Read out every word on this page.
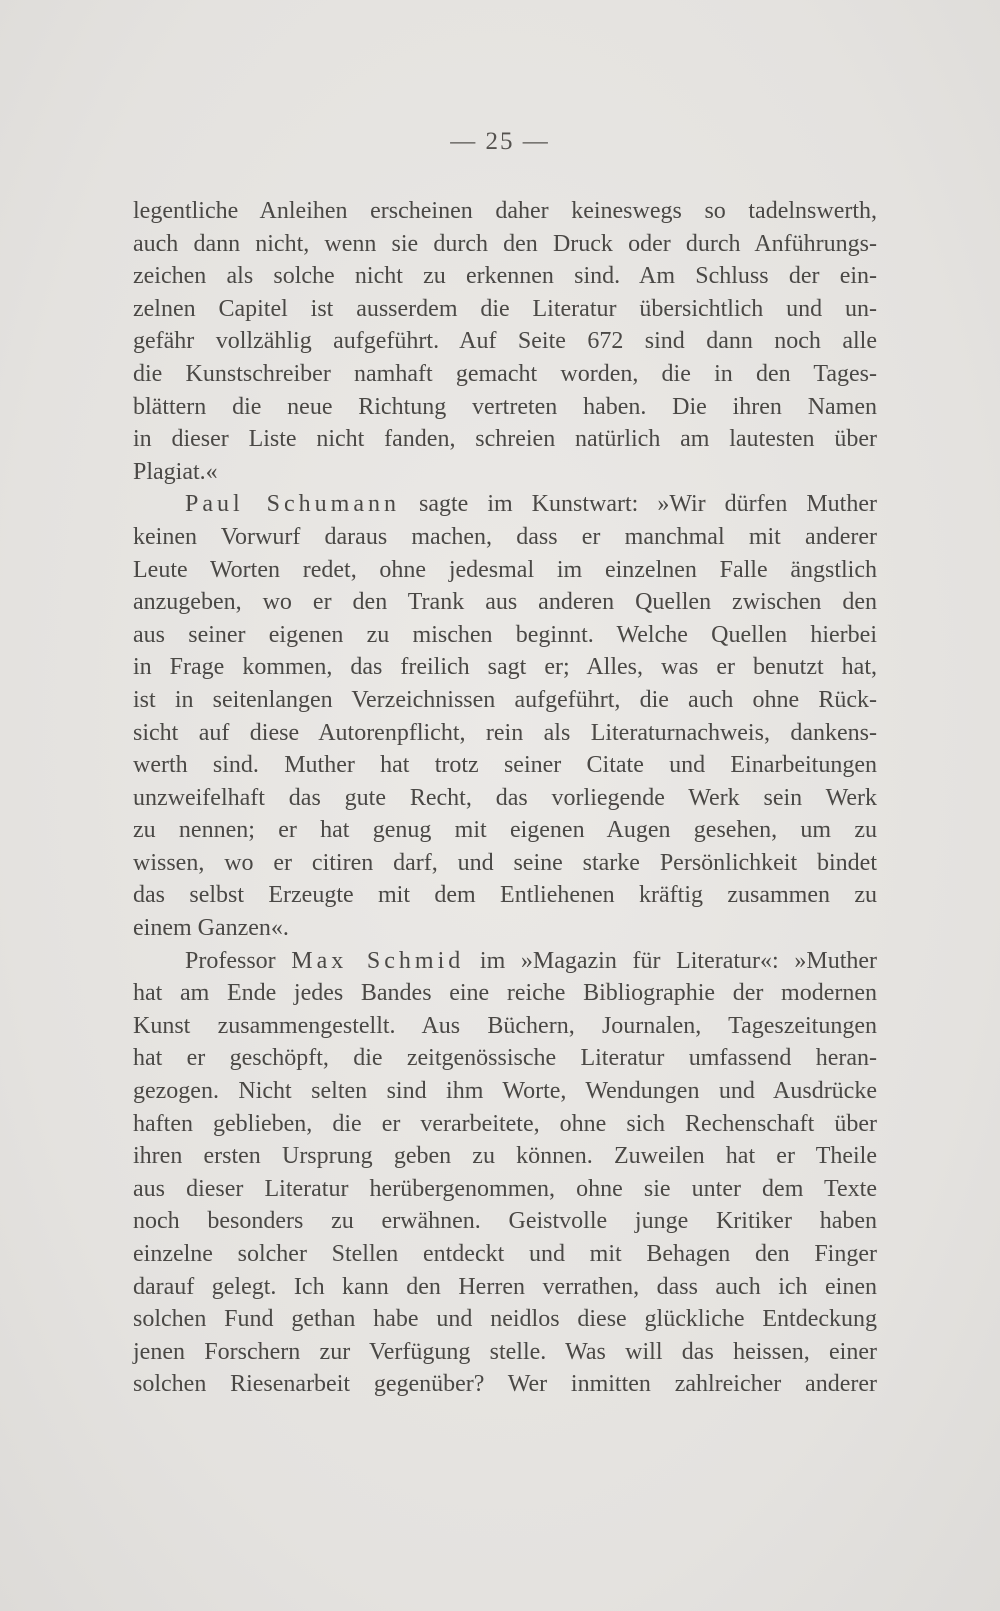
— 25 —
legentliche Anleihen erscheinen daher keineswegs so tadelnswerth,
auch dann nicht, wenn sie durch den Druck oder durch Anführungs-
zeichen als solche nicht zu erkennen sind. Am Schluss der ein-
zelnen Capitel ist ausserdem die Literatur übersichtlich und un-
gefähr vollzählig aufgeführt. Auf Seite 672 sind dann noch alle
die Kunstschreiber namhaft gemacht worden, die in den Tages-
blättern die neue Richtung vertreten haben. Die ihren Namen
in dieser Liste nicht fanden, schreien natürlich am lautesten über
Plagiat.«
Paul Schumann sagte im Kunstwart: »Wir dürfen Muther
keinen Vorwurf daraus machen, dass er manchmal mit anderer
Leute Worten redet, ohne jedesmal im einzelnen Falle ängstlich
anzugeben, wo er den Trank aus anderen Quellen zwischen den
aus seiner eigenen zu mischen beginnt. Welche Quellen hierbei
in Frage kommen, das freilich sagt er; Alles, was er benutzt hat,
ist in seitenlangen Verzeichnissen aufgeführt, die auch ohne Rück-
sicht auf diese Autorenpflicht, rein als Literaturnachweis, dankens-
werth sind. Muther hat trotz seiner Citate und Einarbeitungen
unzweifelhaft das gute Recht, das vorliegende Werk sein Werk
zu nennen; er hat genug mit eigenen Augen gesehen, um zu
wissen, wo er citiren darf, und seine starke Persönlichkeit bindet
das selbst Erzeugte mit dem Entliehenen kräftig zusammen zu
einem Ganzen«.
Professor Max Schmid im »Magazin für Literatur«: »Muther
hat am Ende jedes Bandes eine reiche Bibliographie der modernen
Kunst zusammengestellt. Aus Büchern, Journalen, Tageszeitungen
hat er geschöpft, die zeitgenössische Literatur umfassend heran-
gezogen. Nicht selten sind ihm Worte, Wendungen und Ausdrücke
haften geblieben, die er verarbeitete, ohne sich Rechenschaft über
ihren ersten Ursprung geben zu können. Zuweilen hat er Theile
aus dieser Literatur herübergenommen, ohne sie unter dem Texte
noch besonders zu erwähnen. Geistvolle junge Kritiker haben
einzelne solcher Stellen entdeckt und mit Behagen den Finger
darauf gelegt. Ich kann den Herren verrathen, dass auch ich einen
solchen Fund gethan habe und neidlos diese glückliche Entdeckung
jenen Forschern zur Verfügung stelle. Was will das heissen, einer
solchen Riesenarbeit gegenüber? Wer inmitten zahlreicher anderer
